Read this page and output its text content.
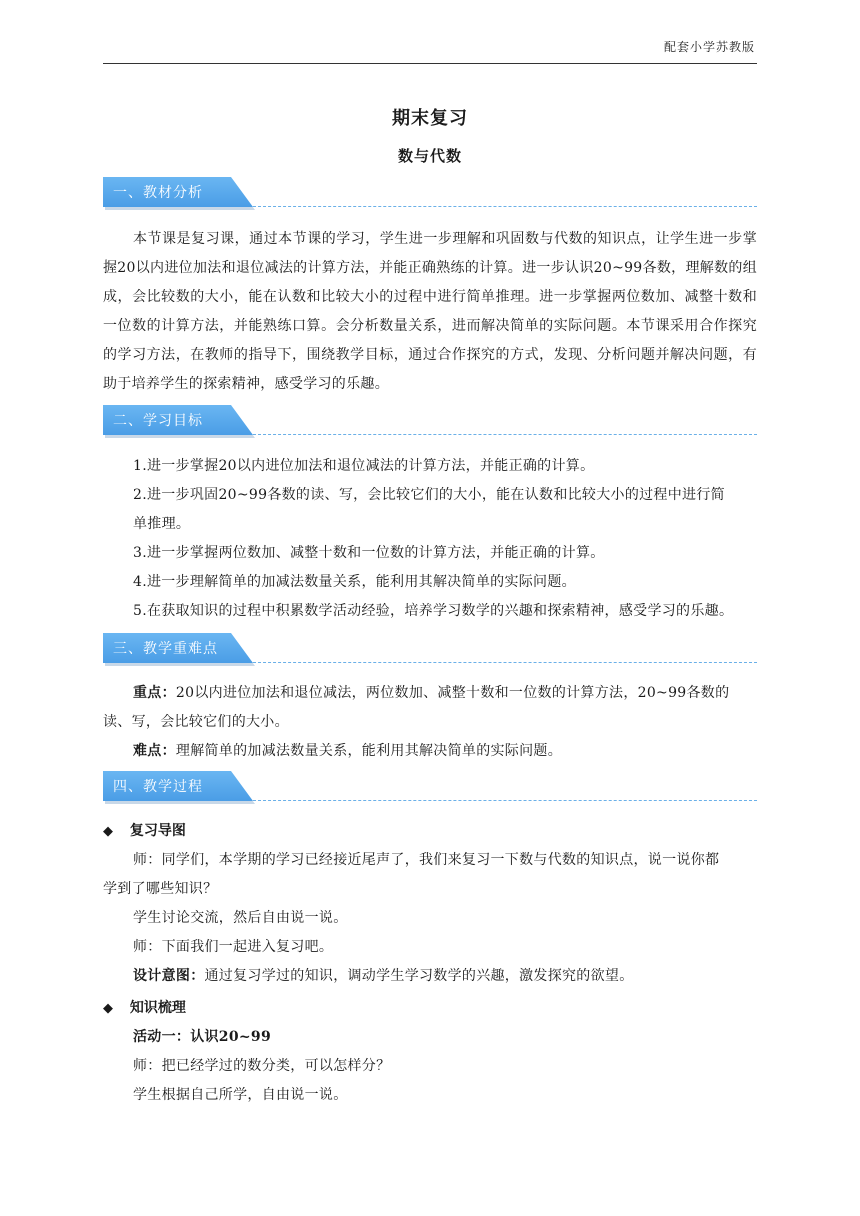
配套小学苏教版
期末复习
数与代数
一、教材分析

本节课是复习课，通过本节课的学习，学生进一步理解和巩固数与代数的知识点，让学生进一步掌握20以内进位加法和退位减法的计算方法，并能正确熟练的计算。进一步认识20~99各数，理解数的组成，会比较数的大小，能在认数和比较大小的过程中进行简单推理。进一步掌握两位数加、减整十数和一位数的计算方法，并能熟练口算。会分析数量关系，进而解决简单的实际问题。本节课采用合作探究的学习方法，在教师的指导下，围绕教学目标，通过合作探究的方式，发现、分析问题并解决问题，有助于培养学生的探索精神，感受学习的乐趣。

二、学习目标
1.进一步掌握20以内进位加法和退位减法的计算方法，并能正确的计算。
2.进一步巩固20~99各数的读、写，会比较它们的大小，能在认数和比较大小的过程中进行简
单推理。
3.进一步掌握两位数加、减整十数和一位数的计算方法，并能正确的计算。
4.进一步理解简单的加减法数量关系，能利用其解决简单的实际问题。
5.在获取知识的过程中积累数学活动经验，培养学习数学的兴趣和探索精神，感受学习的乐趣。
三、教学重难点
重点：20以内进位加法和退位减法，两位数加、减整十数和一位数的计算方法，20~99各数的
读、写，会比较它们的大小。
难点：理解简单的加减法数量关系，能利用其解决简单的实际问题。
四、教学过程
◆ 复习导图
师：同学们，本学期的学习已经接近尾声了，我们来复习一下数与代数的知识点，说一说你都
学到了哪些知识？
学生讨论交流，然后自由说一说。
师：下面我们一起进入复习吧。
设计意图：通过复习学过的知识，调动学生学习数学的兴趣，激发探究的欲望。
◆ 知识梳理
活动一：认识20~99
师：把已经学过的数分类，可以怎样分？
学生根据自己所学，自由说一说。
